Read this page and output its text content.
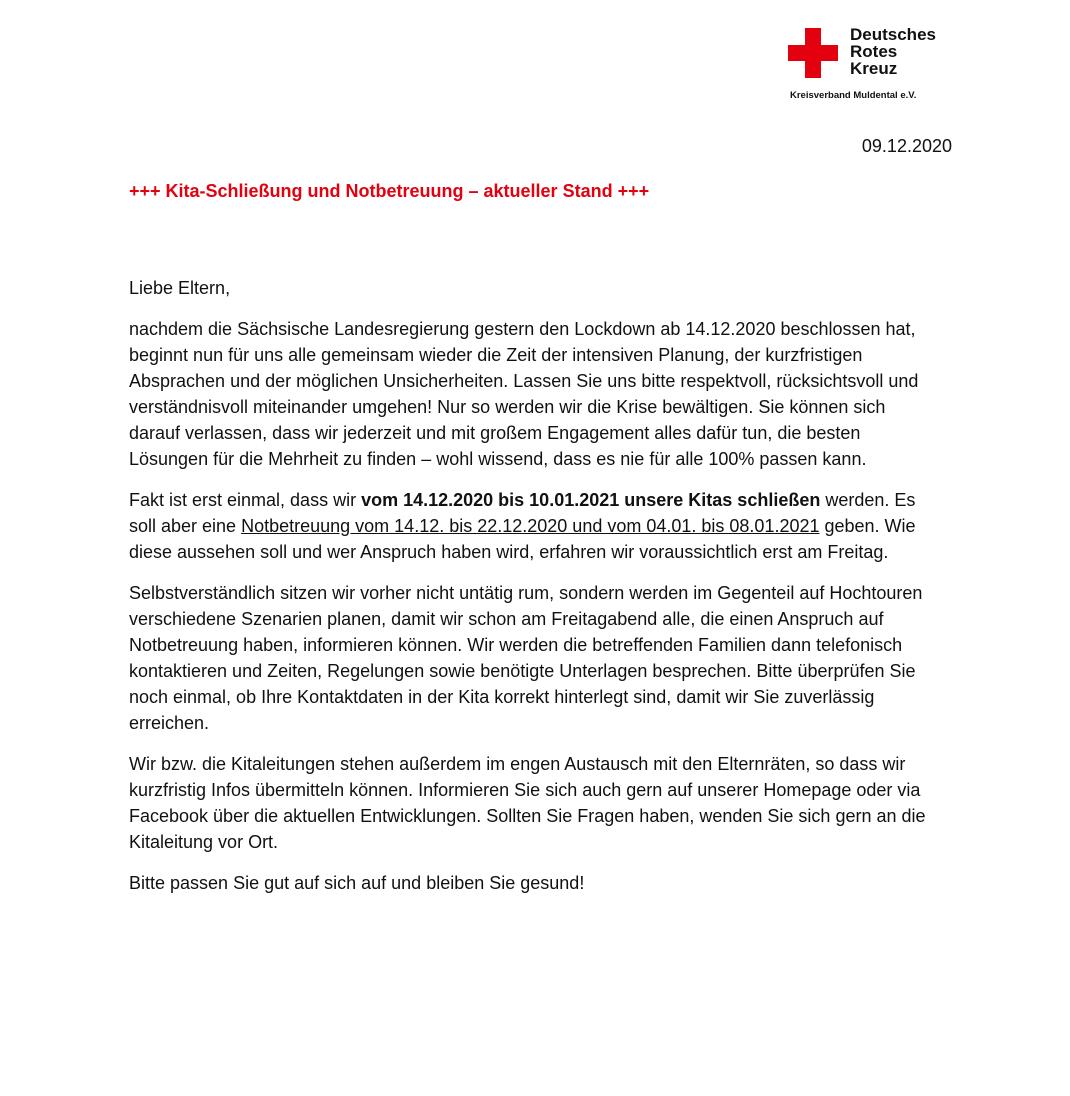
Deutsches
Rotes
Kreuz
Kreisverband Muldental e.V.
09.12.2020
+++ Kita-Schließung und Notbetreuung – aktueller Stand +++

Liebe Eltern,

nachdem die Sächsische Landesregierung gestern den Lockdown ab 14.12.2020 beschlossen hat, beginnt nun für uns alle gemeinsam wieder die Zeit der intensiven Planung, der kurzfristigen Absprachen und der möglichen Unsicherheiten. Lassen Sie uns bitte respektvoll, rücksichtsvoll und verständnisvoll miteinander umgehen! Nur so werden wir die Krise bewältigen. Sie können sich darauf verlassen, dass wir jederzeit und mit großem Engagement alles dafür tun, die besten Lösungen für die Mehrheit zu finden – wohl wissend, dass es nie für alle 100% passen kann.

Fakt ist erst einmal, dass wir vom 14.12.2020 bis 10.01.2021 unsere Kitas schließen werden. Es soll aber eine Notbetreuung vom 14.12. bis 22.12.2020 und vom 04.01. bis 08.01.2021 geben. Wie diese aussehen soll und wer Anspruch haben wird, erfahren wir voraussichtlich erst am Freitag.

Selbstverständlich sitzen wir vorher nicht untätig rum, sondern werden im Gegenteil auf Hochtouren verschiedene Szenarien planen, damit wir schon am Freitagabend alle, die einen Anspruch auf Notbetreuung haben, informieren können. Wir werden die betreffenden Familien dann telefonisch kontaktieren und Zeiten, Regelungen sowie benötigte Unterlagen besprechen. Bitte überprüfen Sie noch einmal, ob Ihre Kontaktdaten in der Kita korrekt hinterlegt sind, damit wir Sie zuverlässig erreichen.

Wir bzw. die Kitaleitungen stehen außerdem im engen Austausch mit den Elternräten, so dass wir kurzfristig Infos übermitteln können. Informieren Sie sich auch gern auf unserer Homepage oder via Facebook über die aktuellen Entwicklungen. Sollten Sie Fragen haben, wenden Sie sich gern an die Kitaleitung vor Ort.

Bitte passen Sie gut auf sich auf und bleiben Sie gesund!
